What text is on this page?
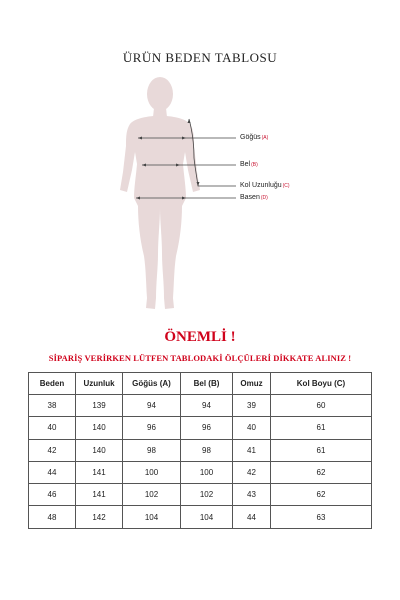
ÜRÜN BEDEN TABLOSU
Göğüs(A)
Bel(B)
Kol Uzunluğu(C)
Basen(D)
ÖNEMLİ !
SİPARİŞ VERİRKEN LÜTFEN TABLODAKİ ÖLÇÜLERİ DİKKATE ALINIZ !
Beden	Uzunluk	Göğüs (A)	Bel (B)	Omuz	Kol Boyu (C)
38	139	94	94	39	60
40	140	96	96	40	61
42	140	98	98	41	61
44	141	100	100	42	62
46	141	102	102	43	62
48	142	104	104	44	63
